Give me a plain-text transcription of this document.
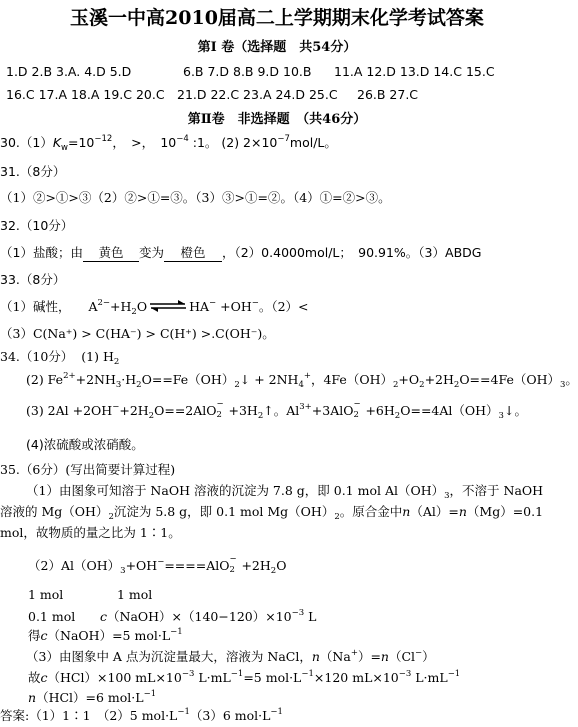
玉溪一中高2010届高二上学期期末化学考试答案
第Ⅰ 卷（选择题　共54分）
1.D 2.B 3.A. 4.D 5.D	6.B 7.D 8.B 9.D 10.B 11.A 12.D 13.D 14.C 15.C
16.C 17.A 18.A 19.C 20.C 21.D 22.C 23.A 24.D 25.C 26.B 27.C
第Ⅱ卷　非选择题　（共46分）
$30.(1)K_w=10^{-12}$，　>，　$10^{-4}$ :1。 (2) $2\times 10^{-7}mol/L$。
31.（8分）
（1）②>①>③（2）②>①=③。（3）③>①=②。（4）①=②>③。
32.（10分）
（1）盐酸；由 黄色 变为 橙色 ，（2）0.4000mol/L；　90.91%。（3）ABDG
33.（8分）
（1）碱性， $A^{2-}+H_2O$ ⇌ HA− +OH−。（2）<
（3）C(Na⁺) > C(HA⁻) > C(H⁺) >.C(OH⁻)。
34.（10分） (1) $H_2$
(2) $Fe^{2+}+2NH_3\cdot H_2O==Fe(OH)_2↓ + 2NH_4^+$，$4Fe(OH)_2+O_2+2H_2O==4Fe(OH)_3$。
(3) $2Al +2OH^-+2H_2O==2AlO$ −
$2 +3H_2↑$。$Al^{3+}+3AlO$ −
$2 +6H_2O==4Al(OH)_3↓$。
(4)浓硫酸或浓硝酸。
35.（6分）(写出简要计算过程)
（1）由图象可知溶于 NaOH 溶液的沉淀为 7.8 g，即 0.1 mol $Al(OH)_3$，不溶于 NaOH
溶液的 $Mg(OH)_2$沉淀为 5.8 g，即 0.1 mol $Mg(OH)_2$。原合金中n（Al）=n（Mg）=0.1
mol，故物质的量之比为 1∶1。
$(2)Al(OH)_3+OH^-====AlO$ −
$2 +2H_2O$
1 mol	1 mol
0.1 mol $c(NaOH)\times(140-120)\times 10^{-3}$ L
得c（NaOH）=5 $mol\cdot L^{-1}$
（3）由图象中 A 点为沉淀量最大，溶液为 NaCl，n（Na+）=n（Cl−）
故c（HCl）×100 $mL\times 10^{-3}$ $L\cdot mL^{-1}=5$ $mol\cdot L^{-1}\times 120$ $mL\times 10^{-3}$ $L\cdot mL^{-1}$
n（HCl）=6 $mol\cdot L^{-1}$
答案:（1）1∶1　（2）5 $mol\cdot L^{-1}(3)6$ $mol\cdot L^{-1}$
